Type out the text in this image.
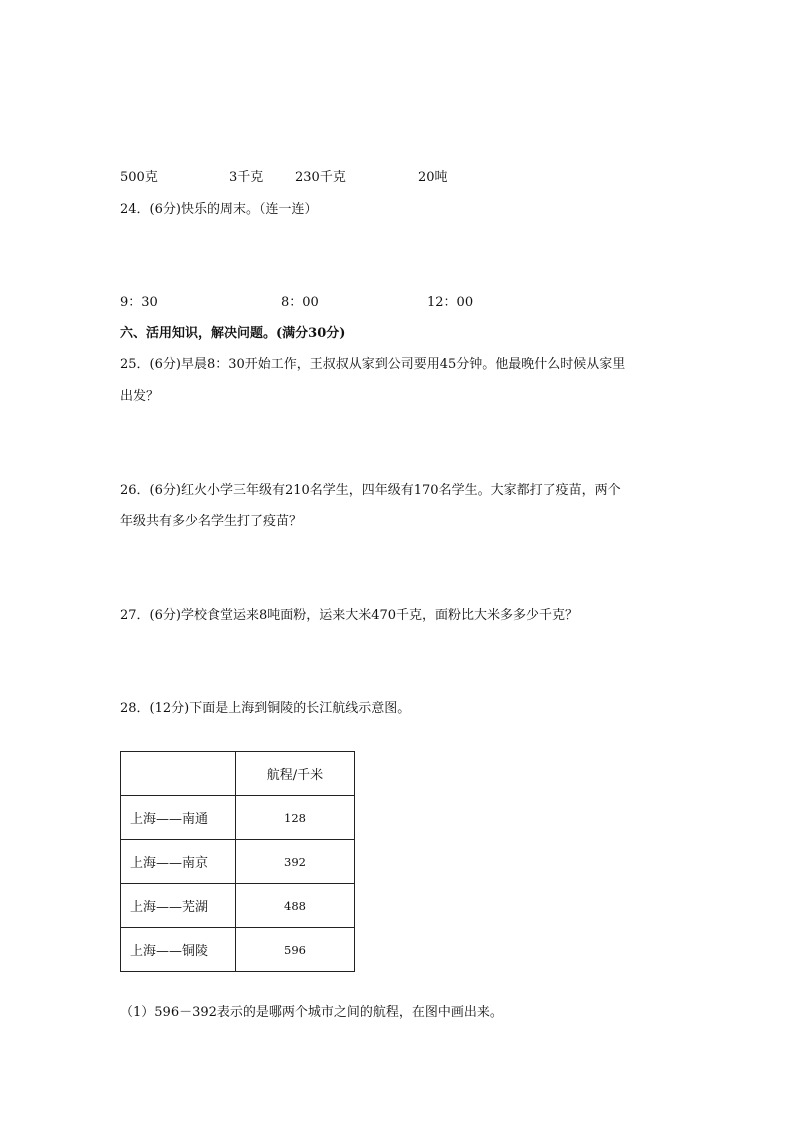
500克	3千克 230千克	20吨
24．(6分)快乐的周末。（连一连）
9：30	8：00	12：00
六、活用知识，解决问题。(满分30分)
25．(6分)早晨8：30开始工作，王叔叔从家到公司要用45分钟。他最晚什么时候从家里
出发？
26．(6分)红火小学三年级有210名学生，四年级有170名学生。大家都打了疫苗，两个
年级共有多少名学生打了疫苗？
27．(6分)学校食堂运来8吨面粉，运来大米470千克，面粉比大米多多少千克？
28．(12分)下面是上海到铜陵的长江航线示意图。
	航程/千米
上海——南通	128
上海——南京	392
上海——芜湖	488
上海——铜陵	596
（1）596－392表示的是哪两个城市之间的航程，在图中画出来。
